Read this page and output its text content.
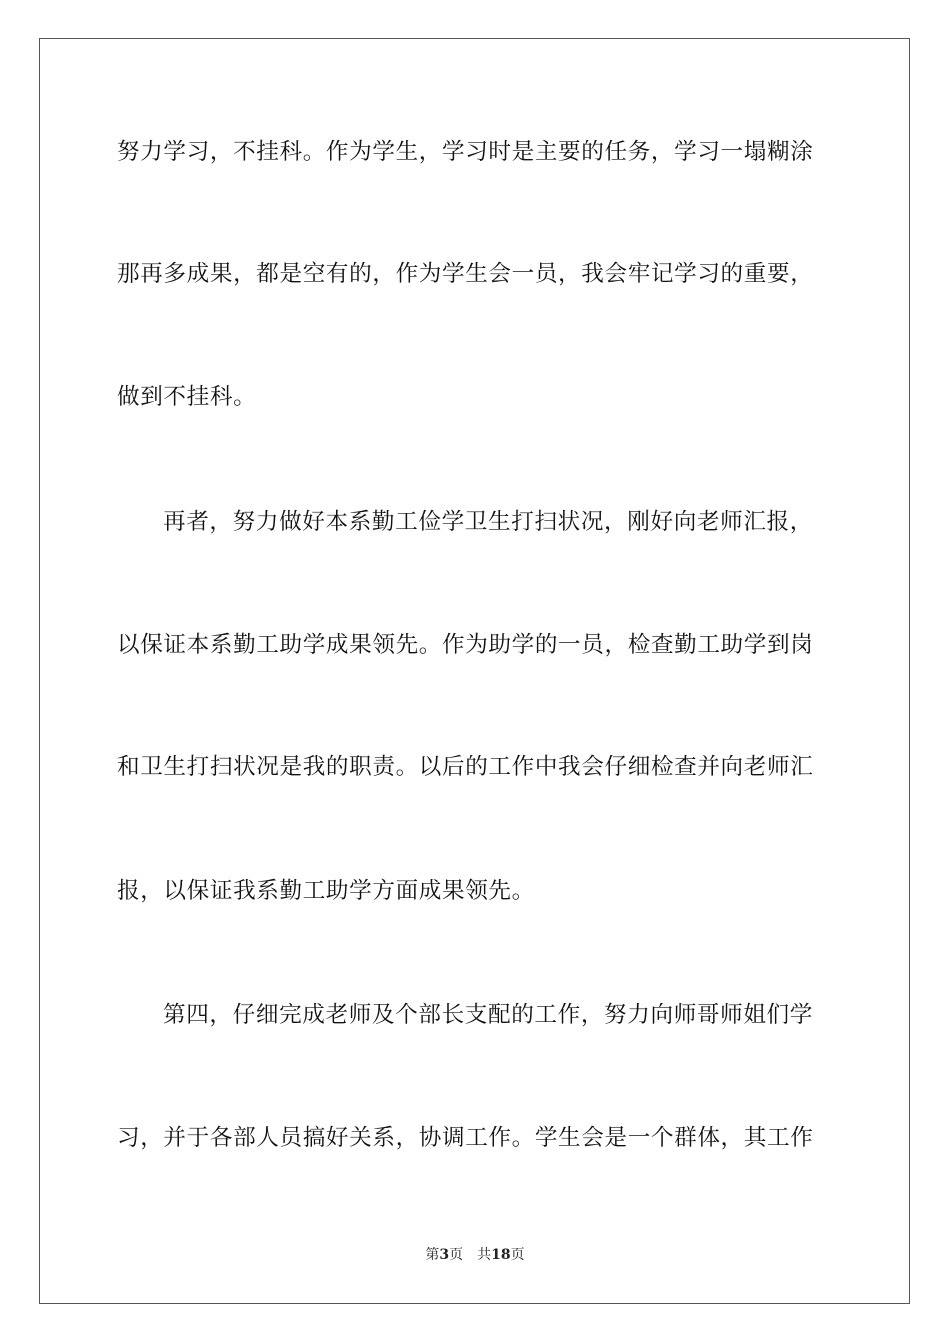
努力学习，不挂科。作为学生，学习时是主要的任务，学习一塌糊涂
那再多成果，都是空有的，作为学生会一员，我会牢记学习的重要，
做到不挂科。
再者，努力做好本系勤工俭学卫生打扫状况，刚好向老师汇报，
以保证本系勤工助学成果领先。作为助学的一员，检查勤工助学到岗
和卫生打扫状况是我的职责。以后的工作中我会仔细检查并向老师汇
报，以保证我系勤工助学方面成果领先。
第四，仔细完成老师及个部长支配的工作，努力向师哥师姐们学
习，并于各部人员搞好关系，协调工作。学生会是一个群体，其工作
第3页 共18页
